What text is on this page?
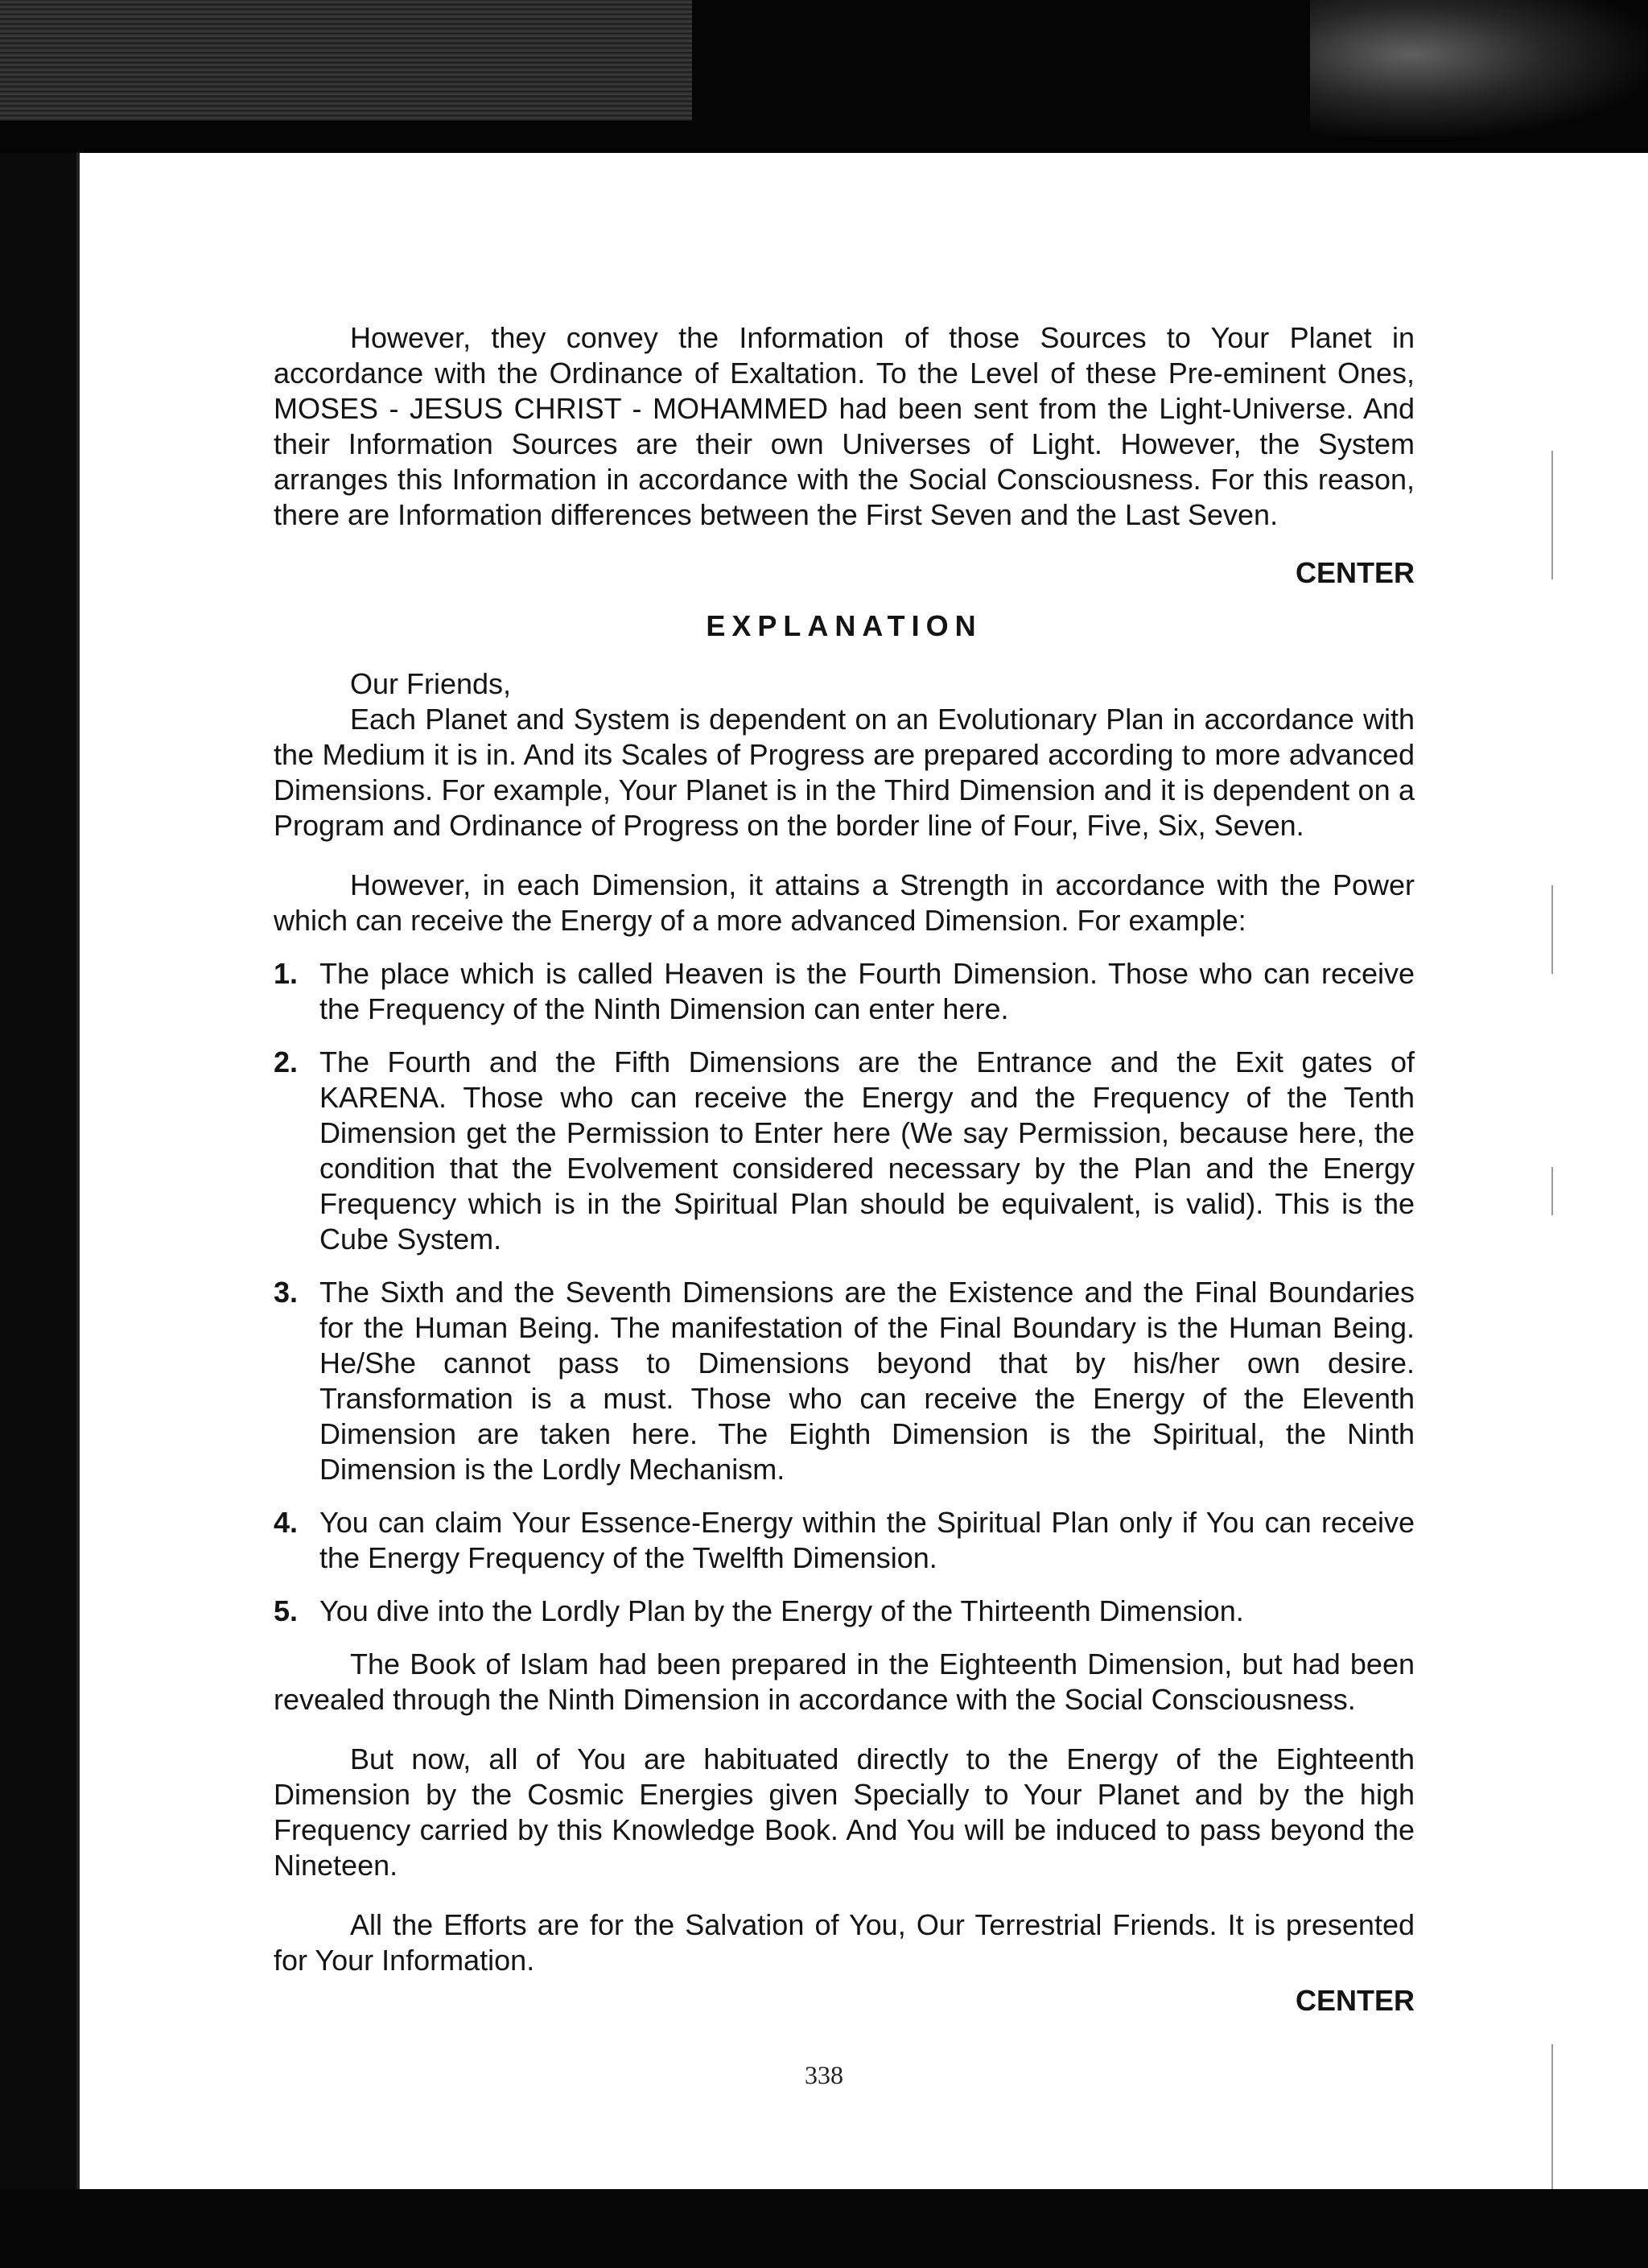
However, they convey the Information of those Sources to Your Planet in accordance with the Ordinance of Exaltation. To the Level of these Pre-eminent Ones, MOSES - JESUS CHRIST - MOHAMMED had been sent from the Light-Universe. And their Information Sources are their own Universes of Light. However, the System arranges this Information in accordance with the Social Consciousness. For this reason, there are Information differences between the First Seven and the Last Seven.

CENTER

EXPLANATION

Our Friends,

Each Planet and System is dependent on an Evolutionary Plan in accordance with the Medium it is in. And its Scales of Progress are prepared according to more advanced Dimensions. For example, Your Planet is in the Third Dimension and it is dependent on a Program and Ordinance of Progress on the border line of Four, Five, Six, Seven.

However, in each Dimension, it attains a Strength in accordance with the Power which can receive the Energy of a more advanced Dimension. For example:

1. The place which is called Heaven is the Fourth Dimension. Those who can receive the Frequency of the Ninth Dimension can enter here.
2. The Fourth and the Fifth Dimensions are the Entrance and the Exit gates of KARENA. Those who can receive the Energy and the Frequency of the Tenth Dimension get the Permission to Enter here (We say Permission, because here, the condition that the Evolvement considered necessary by the Plan and the Energy Frequency which is in the Spiritual Plan should be equivalent, is valid). This is the Cube System.
3. The Sixth and the Seventh Dimensions are the Existence and the Final Boundaries for the Human Being. The manifestation of the Final Boundary is the Human Being. He/She cannot pass to Dimensions beyond that by his/her own desire. Transformation is a must. Those who can receive the Energy of the Eleventh Dimension are taken here. The Eighth Dimension is the Spiritual, the Ninth Dimension is the Lordly Mechanism.
4. You can claim Your Essence-Energy within the Spiritual Plan only if You can receive the Energy Frequency of the Twelfth Dimension.
5. You dive into the Lordly Plan by the Energy of the Thirteenth Dimension.

The Book of Islam had been prepared in the Eighteenth Dimension, but had been revealed through the Ninth Dimension in accordance with the Social Consciousness.

But now, all of You are habituated directly to the Energy of the Eighteenth Dimension by the Cosmic Energies given Specially to Your Planet and by the high Frequency carried by this Knowledge Book. And You will be induced to pass beyond the Nineteen.

All the Efforts are for the Salvation of You, Our Terrestrial Friends. It is presented for Your Information.

CENTER

338
